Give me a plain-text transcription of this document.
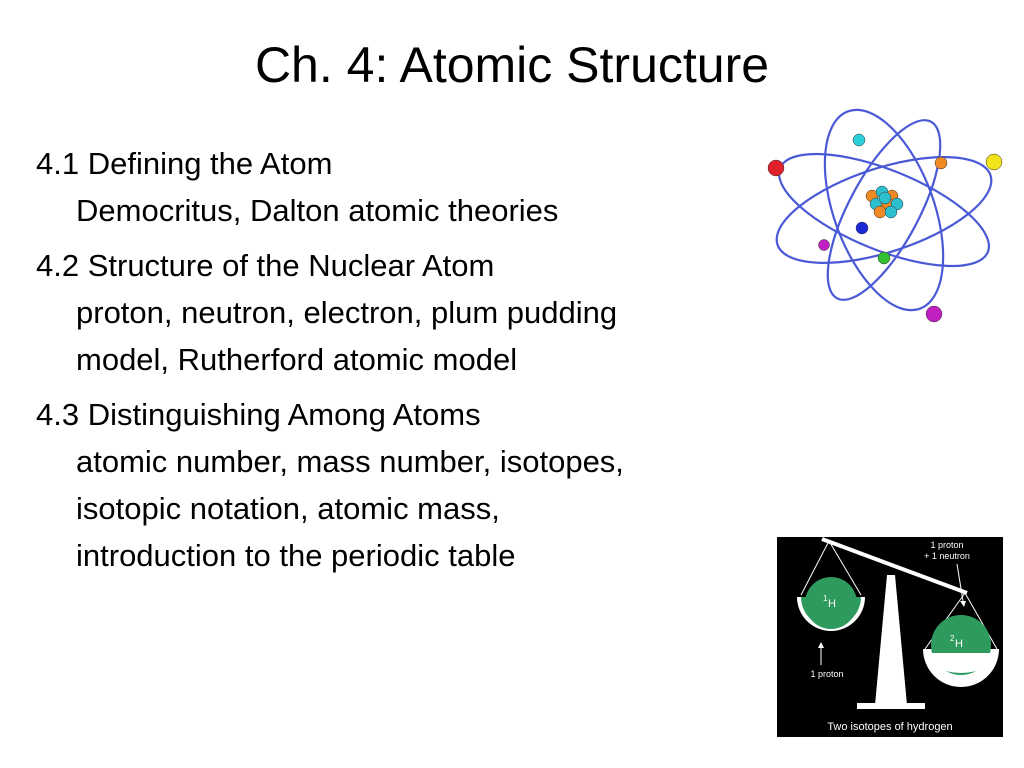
Ch. 4: Atomic Structure
4.1 Defining the Atom
Democritus, Dalton atomic theories
4.2 Structure of the Nuclear Atom
proton, neutron, electron, plum pudding
model, Rutherford atomic model
4.3 Distinguishing Among Atoms
atomic number, mass number, isotopes,
isotopic notation, atomic mass,
introduction to the periodic table
1 H
2 H
1 proton
+ 1 neutron
1 proton
Two isotopes of hydrogen
